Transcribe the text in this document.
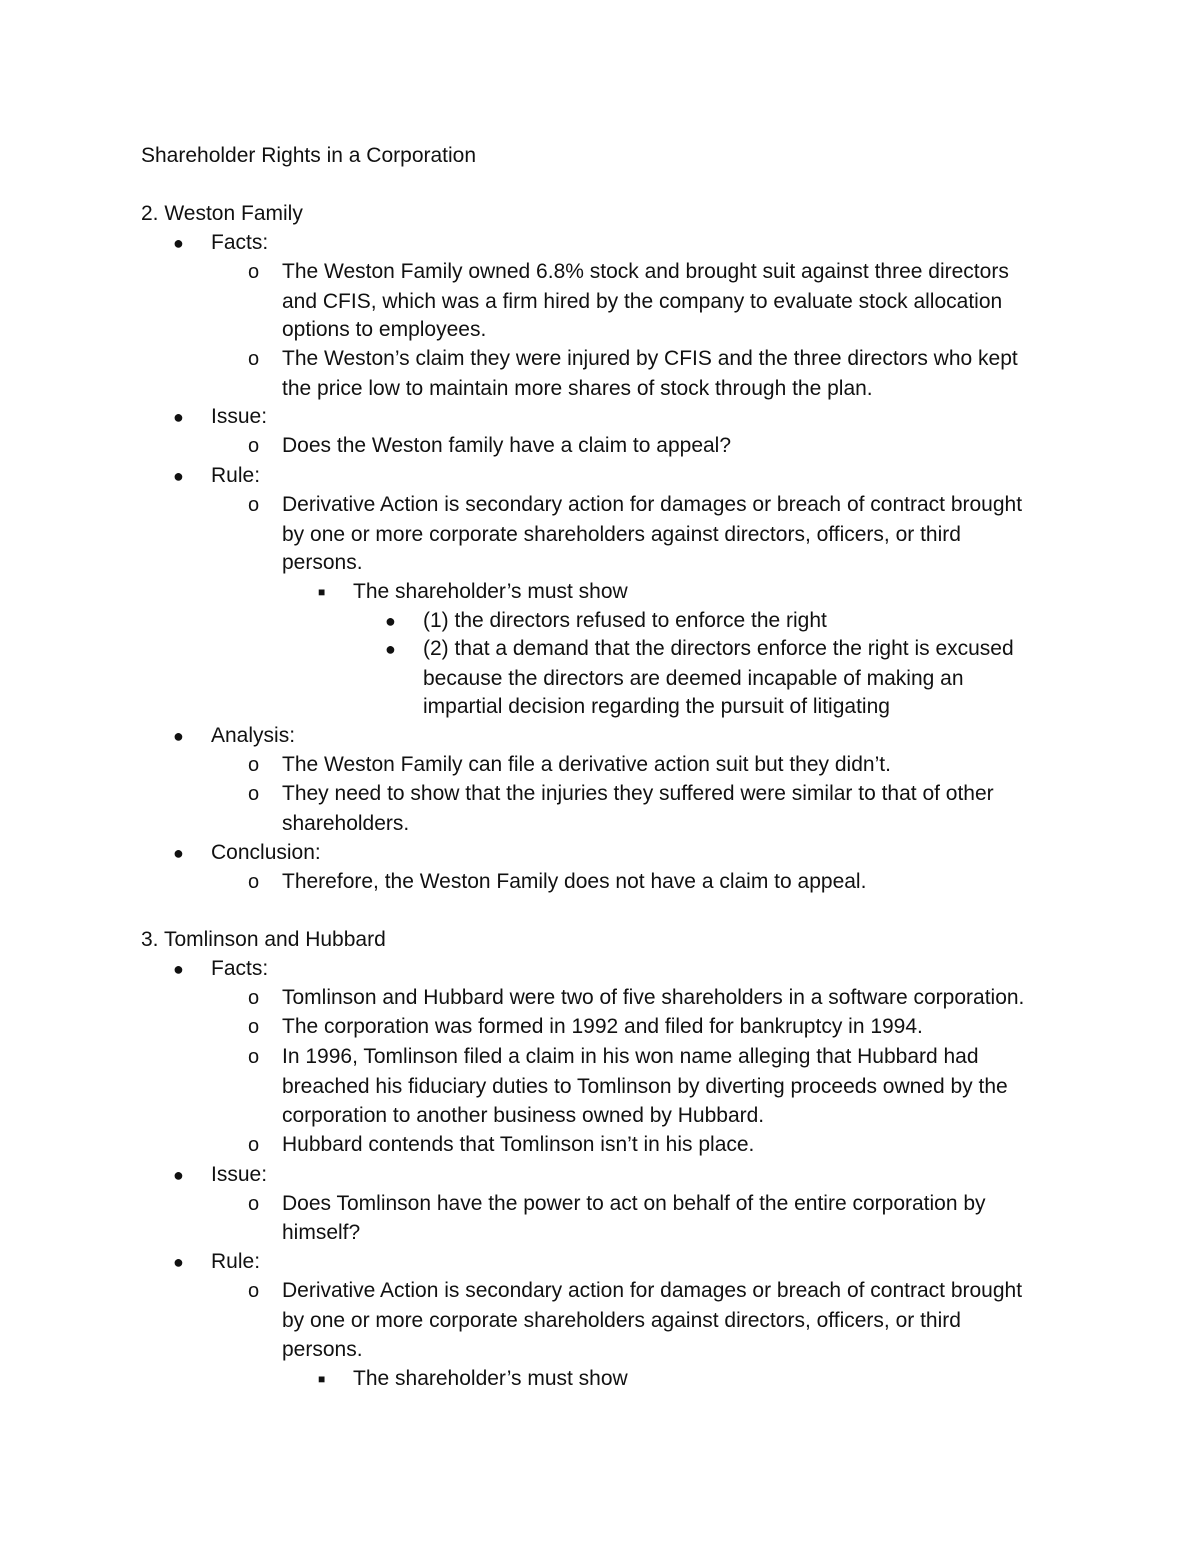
Shareholder Rights in a Corporation
2. Weston Family
● Facts:
o The Weston Family owned 6.8% stock and brought suit against three directors
and CFIS, which was a firm hired by the company to evaluate stock allocation
options to employees.
o The Weston’s claim they were injured by CFIS and the three directors who kept
the price low to maintain more shares of stock through the plan.
● Issue:
o Does the Weston family have a claim to appeal?
● Rule:
o Derivative Action is secondary action for damages or breach of contract brought
by one or more corporate shareholders against directors, officers, or third
persons.
■ The shareholder’s must show
● (1) the directors refused to enforce the right
● (2) that a demand that the directors enforce the right is excused
because the directors are deemed incapable of making an
impartial decision regarding the pursuit of litigating
● Analysis:
o The Weston Family can file a derivative action suit but they didn’t.
o They need to show that the injuries they suffered were similar to that of other
shareholders.
● Conclusion:
o Therefore, the Weston Family does not have a claim to appeal.
3. Tomlinson and Hubbard
● Facts:
o Tomlinson and Hubbard were two of five shareholders in a software corporation.
o The corporation was formed in 1992 and filed for bankruptcy in 1994.
o In 1996, Tomlinson filed a claim in his won name alleging that Hubbard had
breached his fiduciary duties to Tomlinson by diverting proceeds owned by the
corporation to another business owned by Hubbard.
o Hubbard contends that Tomlinson isn’t in his place.
● Issue:
o Does Tomlinson have the power to act on behalf of the entire corporation by
himself?
● Rule:
o Derivative Action is secondary action for damages or breach of contract brought
by one or more corporate shareholders against directors, officers, or third
persons.
■ The shareholder’s must show
